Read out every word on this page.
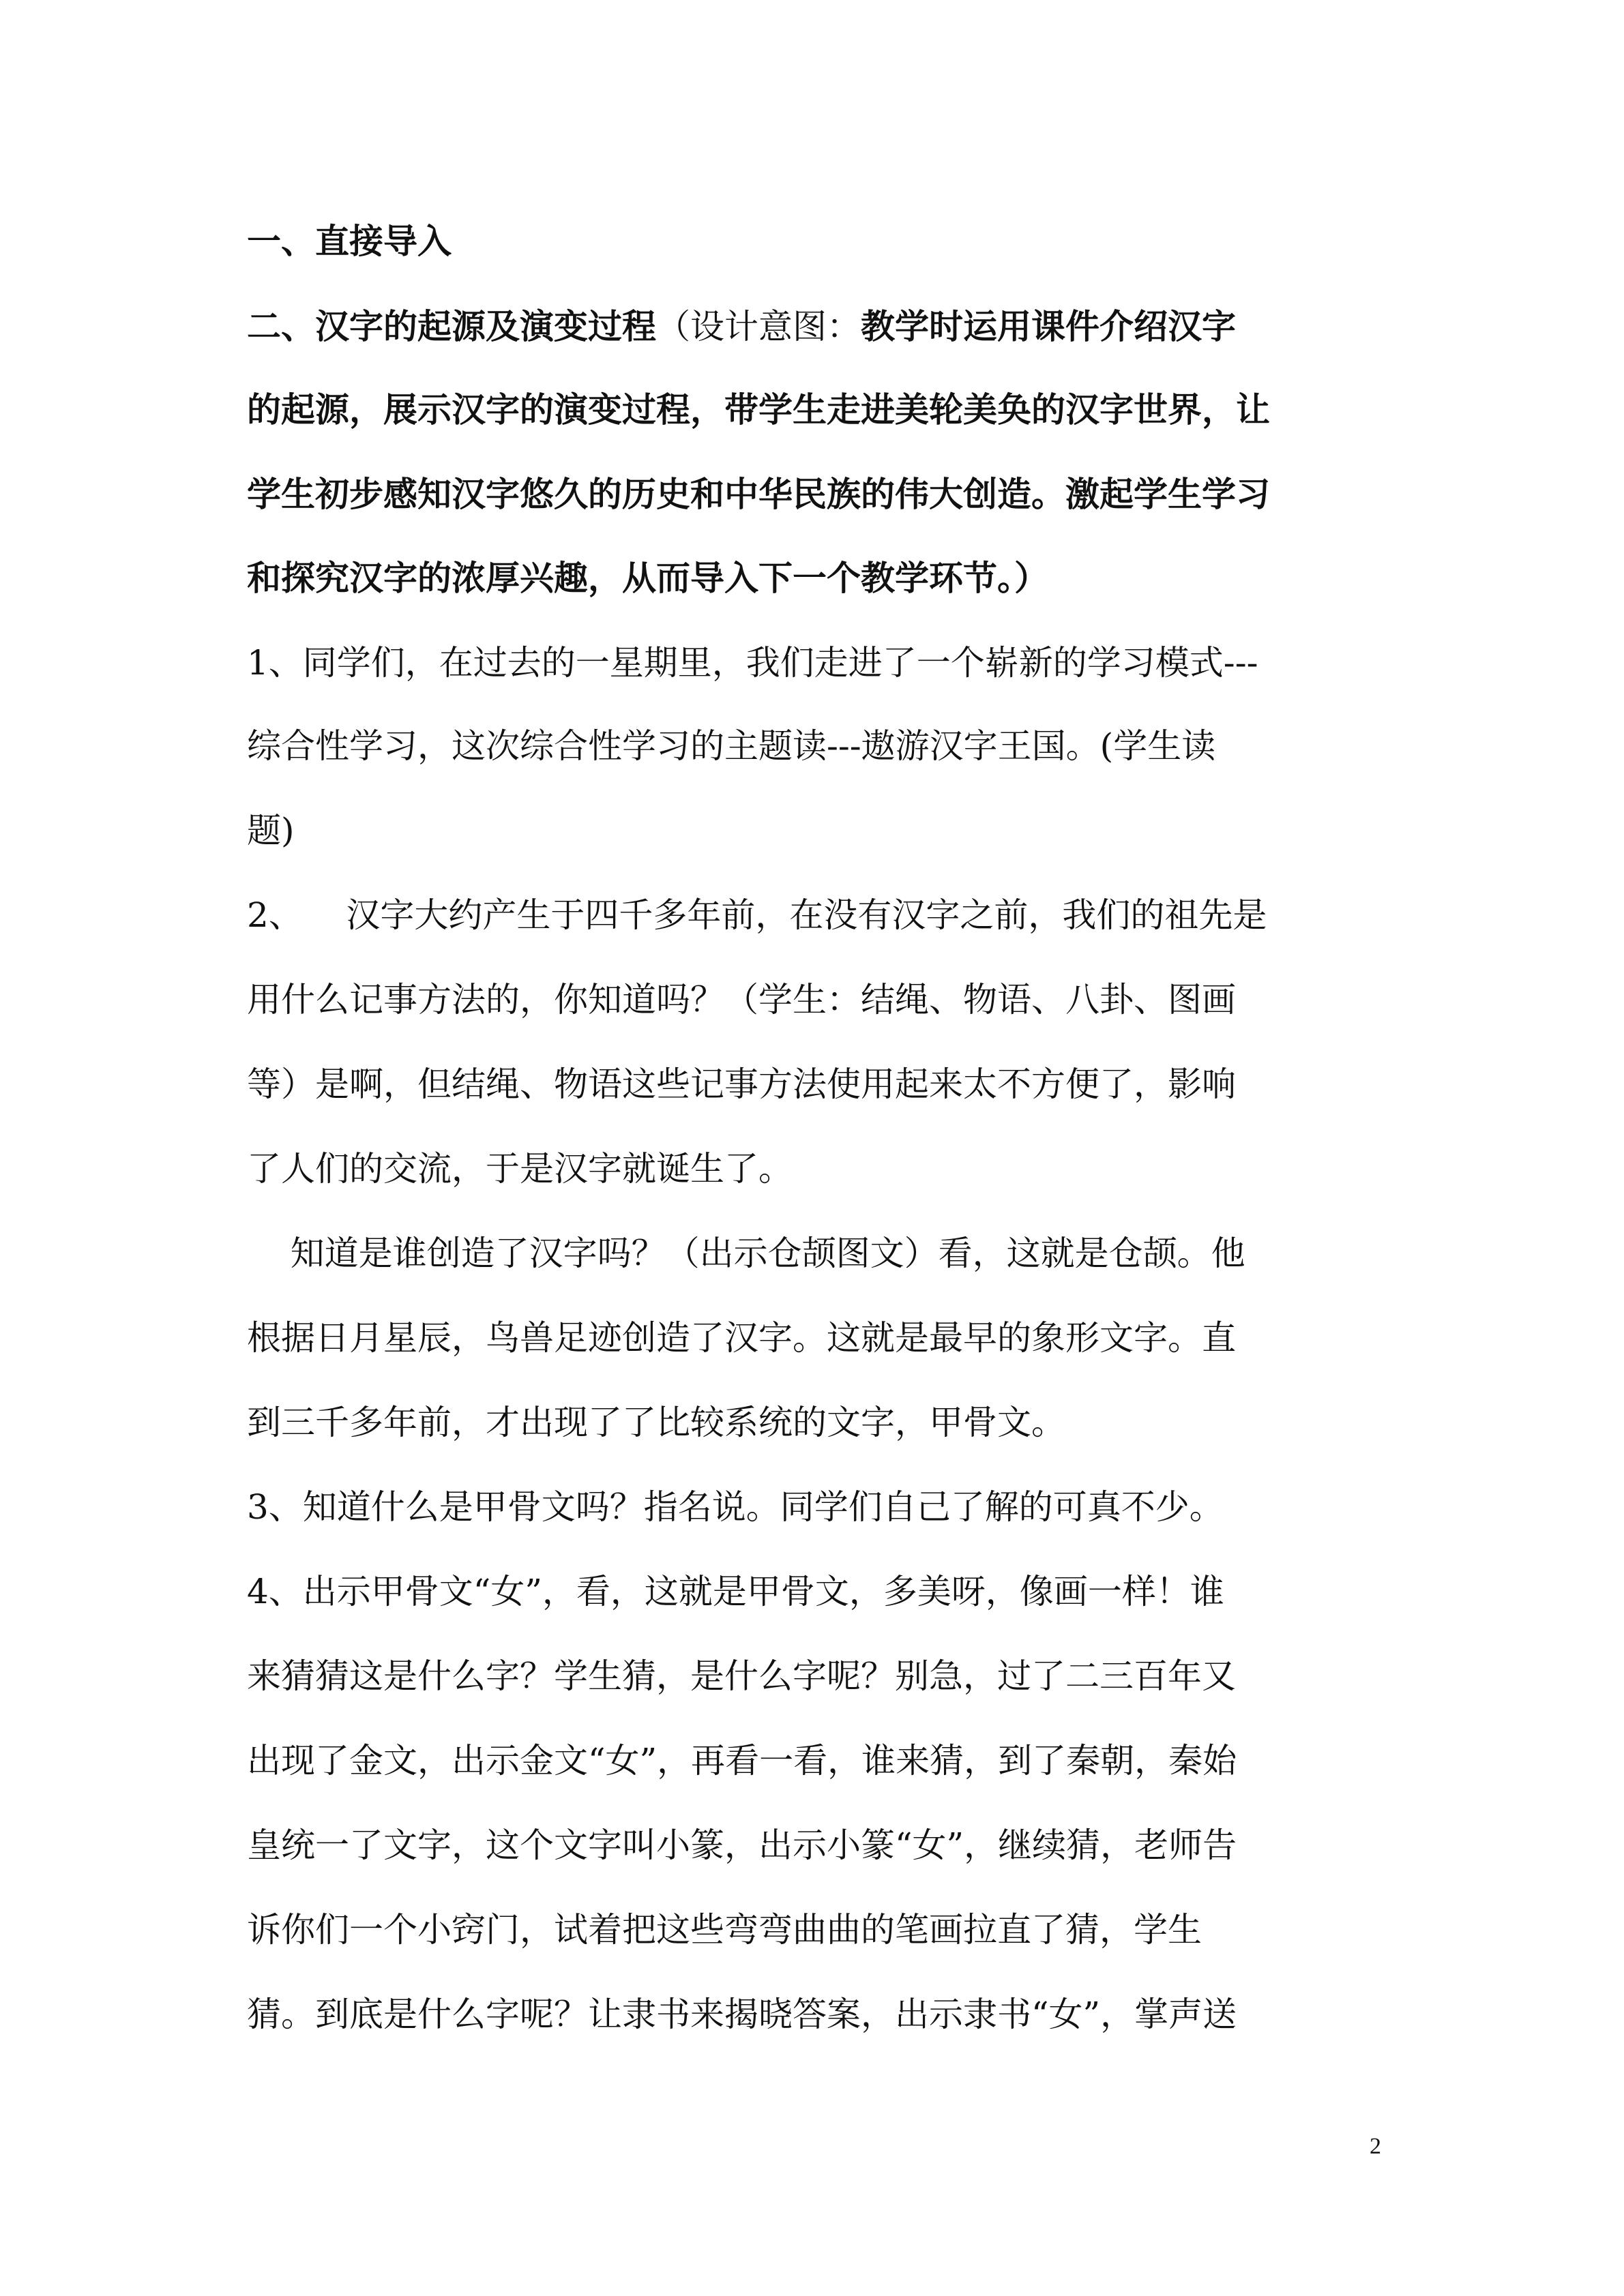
一、直接导入
二、汉字的起源及演变过程（设计意图：教学时运用课件介绍汉字
的起源，展示汉字的演变过程，带学生走进美轮美奂的汉字世界，让
学生初步感知汉字悠久的历史和中华民族的伟大创造。激起学生学习
和探究汉字的浓厚兴趣，从而导入下一个教学环节。）
1、同学们，在过去的一星期里，我们走进了一个崭新的学习模式---
综合性学习，这次综合性学习的主题读---遨游汉字王国。(学生读
题)
2、    汉字大约产生于四千多年前，在没有汉字之前，我们的祖先是
用什么记事方法的，你知道吗？（学生：结绳、物语、八卦、图画
等）是啊，但结绳、物语这些记事方法使用起来太不方便了，影响
了人们的交流，于是汉字就诞生了。
知道是谁创造了汉字吗？（出示仓颉图文）看，这就是仓颉。他
根据日月星辰，鸟兽足迹创造了汉字。这就是最早的象形文字。直
到三千多年前，才出现了了比较系统的文字，甲骨文。
3、知道什么是甲骨文吗？指名说。同学们自己了解的可真不少。
4、出示甲骨文“女”，看，这就是甲骨文，多美呀，像画一样！谁
来猜猜这是什么字？学生猜，是什么字呢？别急，过了二三百年又
出现了金文，出示金文“女”，再看一看，谁来猜，到了秦朝，秦始
皇统一了文字，这个文字叫小篆，出示小篆“女”，继续猜，老师告
诉你们一个小窍门，试着把这些弯弯曲曲的笔画拉直了猜，学生
猜。到底是什么字呢？让隶书来揭晓答案，出示隶书“女”，掌声送
2
